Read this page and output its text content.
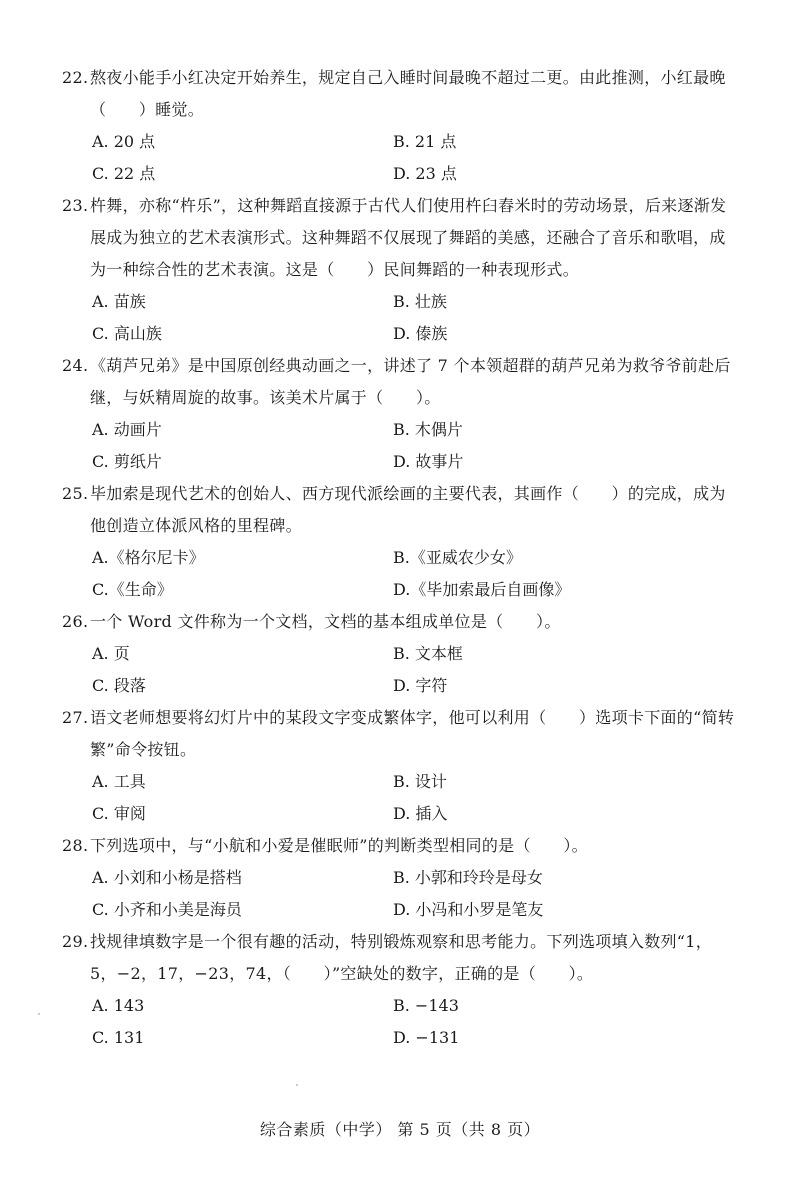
22. 熬夜小能手小红决定开始养生，规定自己入睡时间最晚不超过二更。由此推测，小红最晚（　　）睡觉。
A. 20 点	B. 21 点
C. 22 点	D. 23 点
23. 杵舞，亦称“杵乐”，这种舞蹈直接源于古代人们使用杵臼舂米时的劳动场景，后来逐渐发展成为独立的艺术表演形式。这种舞蹈不仅展现了舞蹈的美感，还融合了音乐和歌唱，成为一种综合性的艺术表演。这是（　　）民间舞蹈的一种表现形式。
A. 苗族	B. 壮族
C. 高山族	D. 傣族
24. 《葫芦兄弟》是中国原创经典动画之一，讲述了 7 个本领超群的葫芦兄弟为救爷爷前赴后继，与妖精周旋的故事。该美术片属于（　　）。
A. 动画片	B. 木偶片
C. 剪纸片	D. 故事片
25. 毕加索是现代艺术的创始人、西方现代派绘画的主要代表，其画作（　　）的完成，成为他创造立体派风格的里程碑。
A.《格尔尼卡》	B.《亚威农少女》
C.《生命》	D.《毕加索最后自画像》
26. 一个 Word 文件称为一个文档，文档的基本组成单位是（　　）。
A. 页	B. 文本框
C. 段落	D. 字符
27. 语文老师想要将幻灯片中的某段文字变成繁体字，他可以利用（　　）选项卡下面的“简转繁”命令按钮。
A. 工具	B. 设计
C. 审阅	D. 插入
28. 下列选项中，与“小航和小爱是催眠师”的判断类型相同的是（　　）。
A. 小刘和小杨是搭档	B. 小郭和玲玲是母女
C. 小齐和小美是海员	D. 小冯和小罗是笔友
29. 找规律填数字是一个很有趣的活动，特别锻炼观察和思考能力。下列选项填入数列“1，5，−2，17，−23，74，（　　）”空缺处的数字，正确的是（　　）。
A. 143	B. −143
C. 131	D. −131
综合素质（中学） 第 5 页（共 8 页）
